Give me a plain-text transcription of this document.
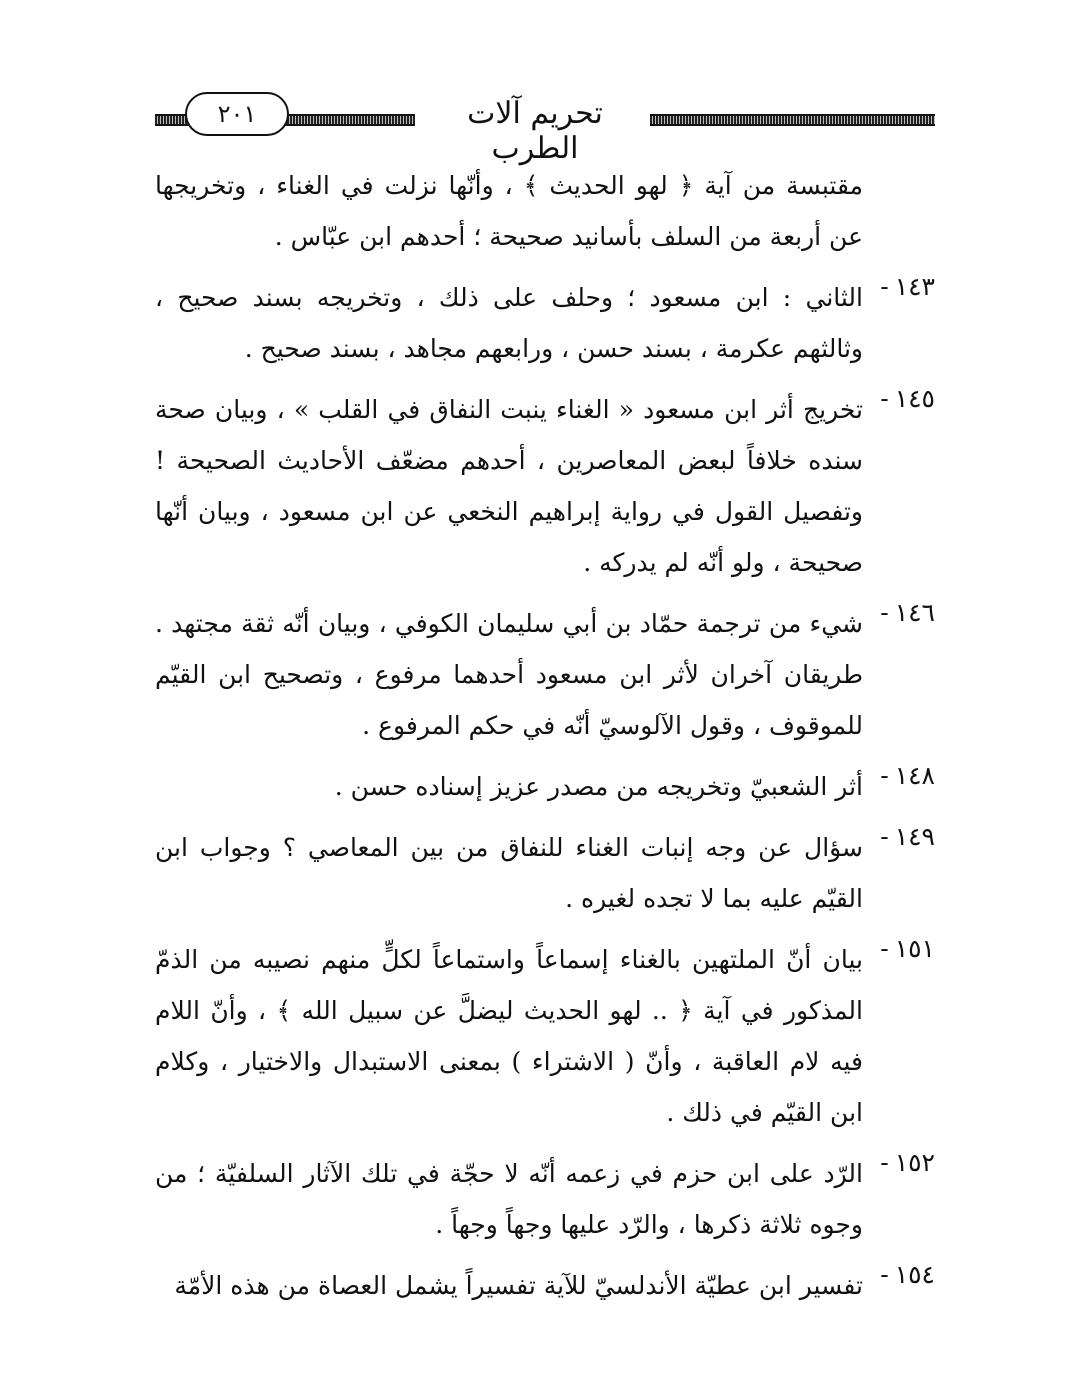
٢٠١	تحريم آلات الطرب
مقتبسة من آية ﴿ لهو الحديث ﴾ ، وأنّها نزلت في الغناء ، وتخريجها عن أربعة من السلف بأسانيد صحيحة ؛ أحدهم ابن عبّاس .
١٤٣-
الثاني : ابن مسعود ؛ وحلف على ذلك ، وتخريجه بسند صحيح ، وثالثهم عكرمة ، بسند حسن ، ورابعهم مجاهد ، بسند صحيح .
١٤٥-
تخريج أثر ابن مسعود « الغناء ينبت النفاق في القلب » ، وبيان صحة سنده خلافاً لبعض المعاصرين ، أحدهم مضعّف الأحاديث الصحيحة ! وتفصيل القول في رواية إبراهيم النخعي عن ابن مسعود ، وبيان أنّها صحيحة ، ولو أنّه لم يدركه .
١٤٦-
شيء من ترجمة حمّاد بن أبي سليمان الكوفي ، وبيان أنّه ثقة مجتهد . طريقان آخران لأثر ابن مسعود أحدهما مرفوع ، وتصحيح ابن القيّم للموقوف ، وقول الآلوسيّ أنّه في حكم المرفوع .
١٤٨-
أثر الشعبيّ وتخريجه من مصدر عزيز إسناده حسن .
١٤٩-
سؤال عن وجه إنبات الغناء للنفاق من بين المعاصي ؟ وجواب ابن القيّم عليه بما لا تجده لغيره .
١٥١-
بيان أنّ الملتهين بالغناء إسماعاً واستماعاً لكلٍّ منهم نصيبه من الذمّ المذكور في آية ﴿ .. لهو الحديث ليضلَّ عن سبيل الله ﴾ ، وأنّ اللام فيه لام العاقبة ، وأنّ ( الاشتراء ) بمعنى الاستبدال والاختيار ، وكلام ابن القيّم في ذلك .
١٥٢-
الرّد على ابن حزم في زعمه أنّه لا حجّة في تلك الآثار السلفيّة ؛ من وجوه ثلاثة ذكرها ، والرّد عليها وجهاً وجهاً .
١٥٤-
تفسير ابن عطيّة الأندلسيّ للآية تفسيراً يشمل العصاة من هذه الأمّة
